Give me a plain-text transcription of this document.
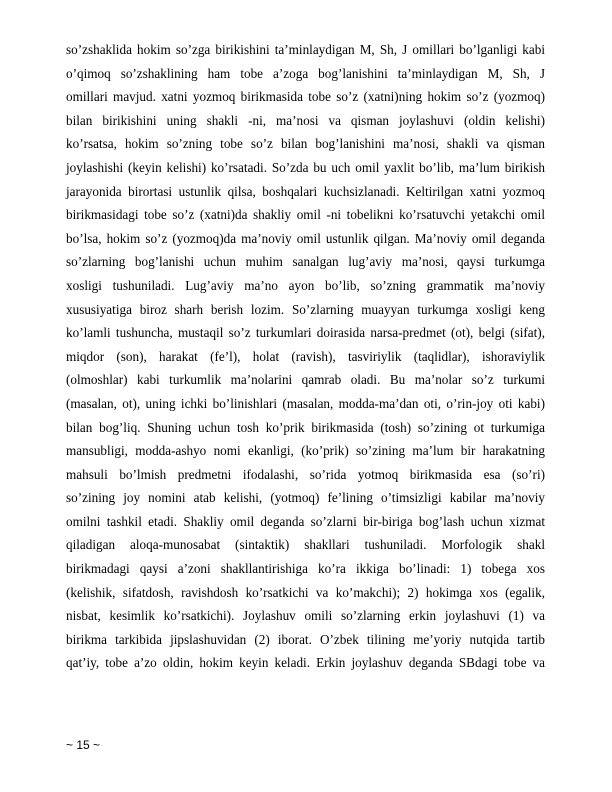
so’zshaklida hokim so’zga birikishini ta’minlaydigan M, Sh, J omillari bo’lganligi kabi
o’qimoq so’zshaklining ham tobe a’zoga bog’lanishini ta’minlaydigan M, Sh, J
omillari mavjud. xatni yozmoq birikmasida tobe so’z (xatni)ning hokim so’z (yozmoq)
bilan birikishini uning shakli -ni, ma’nosi va qisman joylashuvi (oldin kelishi)
ko’rsatsa, hokim so’zning tobe so’z bilan bog’lanishini ma’nosi, shakli va qisman
joylashishi (keyin kelishi) ko’rsatadi. So’zda bu uch omil yaxlit bo’lib, ma’lum birikish
jarayonida birortasi ustunlik qilsa, boshqalari kuchsizlanadi. Keltirilgan xatni yozmoq
birikmasidagi tobe so’z (xatni)da shakliy omil -ni tobelikni ko’rsatuvchi yetakchi omil
bo’lsa, hokim so’z (yozmoq)da ma’noviy omil ustunlik qilgan. Ma’noviy omil deganda
so’zlarning bog’lanishi uchun muhim sanalgan lug’aviy ma’nosi, qaysi turkumga
xosligi tushuniladi. Lug’aviy ma’no ayon bo’lib, so’zning grammatik ma’noviy
xususiyatiga biroz sharh berish lozim. So’zlarning muayyan turkumga xosligi keng
ko’lamli tushuncha, mustaqil so’z turkumlari doirasida narsa-predmet (ot), belgi (sifat),
miqdor (son), harakat (fe’l), holat (ravish), tasviriylik (taqlidlar), ishoraviylik
(olmoshlar) kabi turkumlik ma’nolarini qamrab oladi. Bu ma’nolar so’z turkumi
(masalan, ot), uning ichki bo’linishlari (masalan, modda-ma’dan oti, o’rin-joy oti kabi)
bilan bog’liq. Shuning uchun tosh ko’prik birikmasida (tosh) so’zining ot turkumiga
mansubligi, modda-ashyo nomi ekanligi, (ko’prik) so’zining ma’lum bir harakatning
mahsuli bo’lmish predmetni ifodalashi, so’rida yotmoq birikmasida esa (so’ri)
so’zining joy nomini atab kelishi, (yotmoq) fe’lining o’timsizligi kabilar ma’noviy
omilni tashkil etadi. Shakliy omil deganda so’zlarni bir-biriga bog’lash uchun xizmat
qiladigan aloqa-munosabat (sintaktik) shakllari tushuniladi. Morfologik shakl
birikmadagi qaysi a’zoni shakllantirishiga ko’ra ikkiga bo’linadi: 1) tobega xos
(kelishik, sifatdosh, ravishdosh ko’rsatkichi va ko’makchi); 2) hokimga xos (egalik,
nisbat, kesimlik ko’rsatkichi). Joylashuv omili so’zlarning erkin joylashuvi (1) va
birikma tarkibida jipslashuvidan (2) iborat. O’zbek tilining me’yoriy nutqida tartib
qat’iy, tobe a’zo oldin, hokim keyin keladi. Erkin joylashuv deganda SBdagi tobe va
~ 15 ~
